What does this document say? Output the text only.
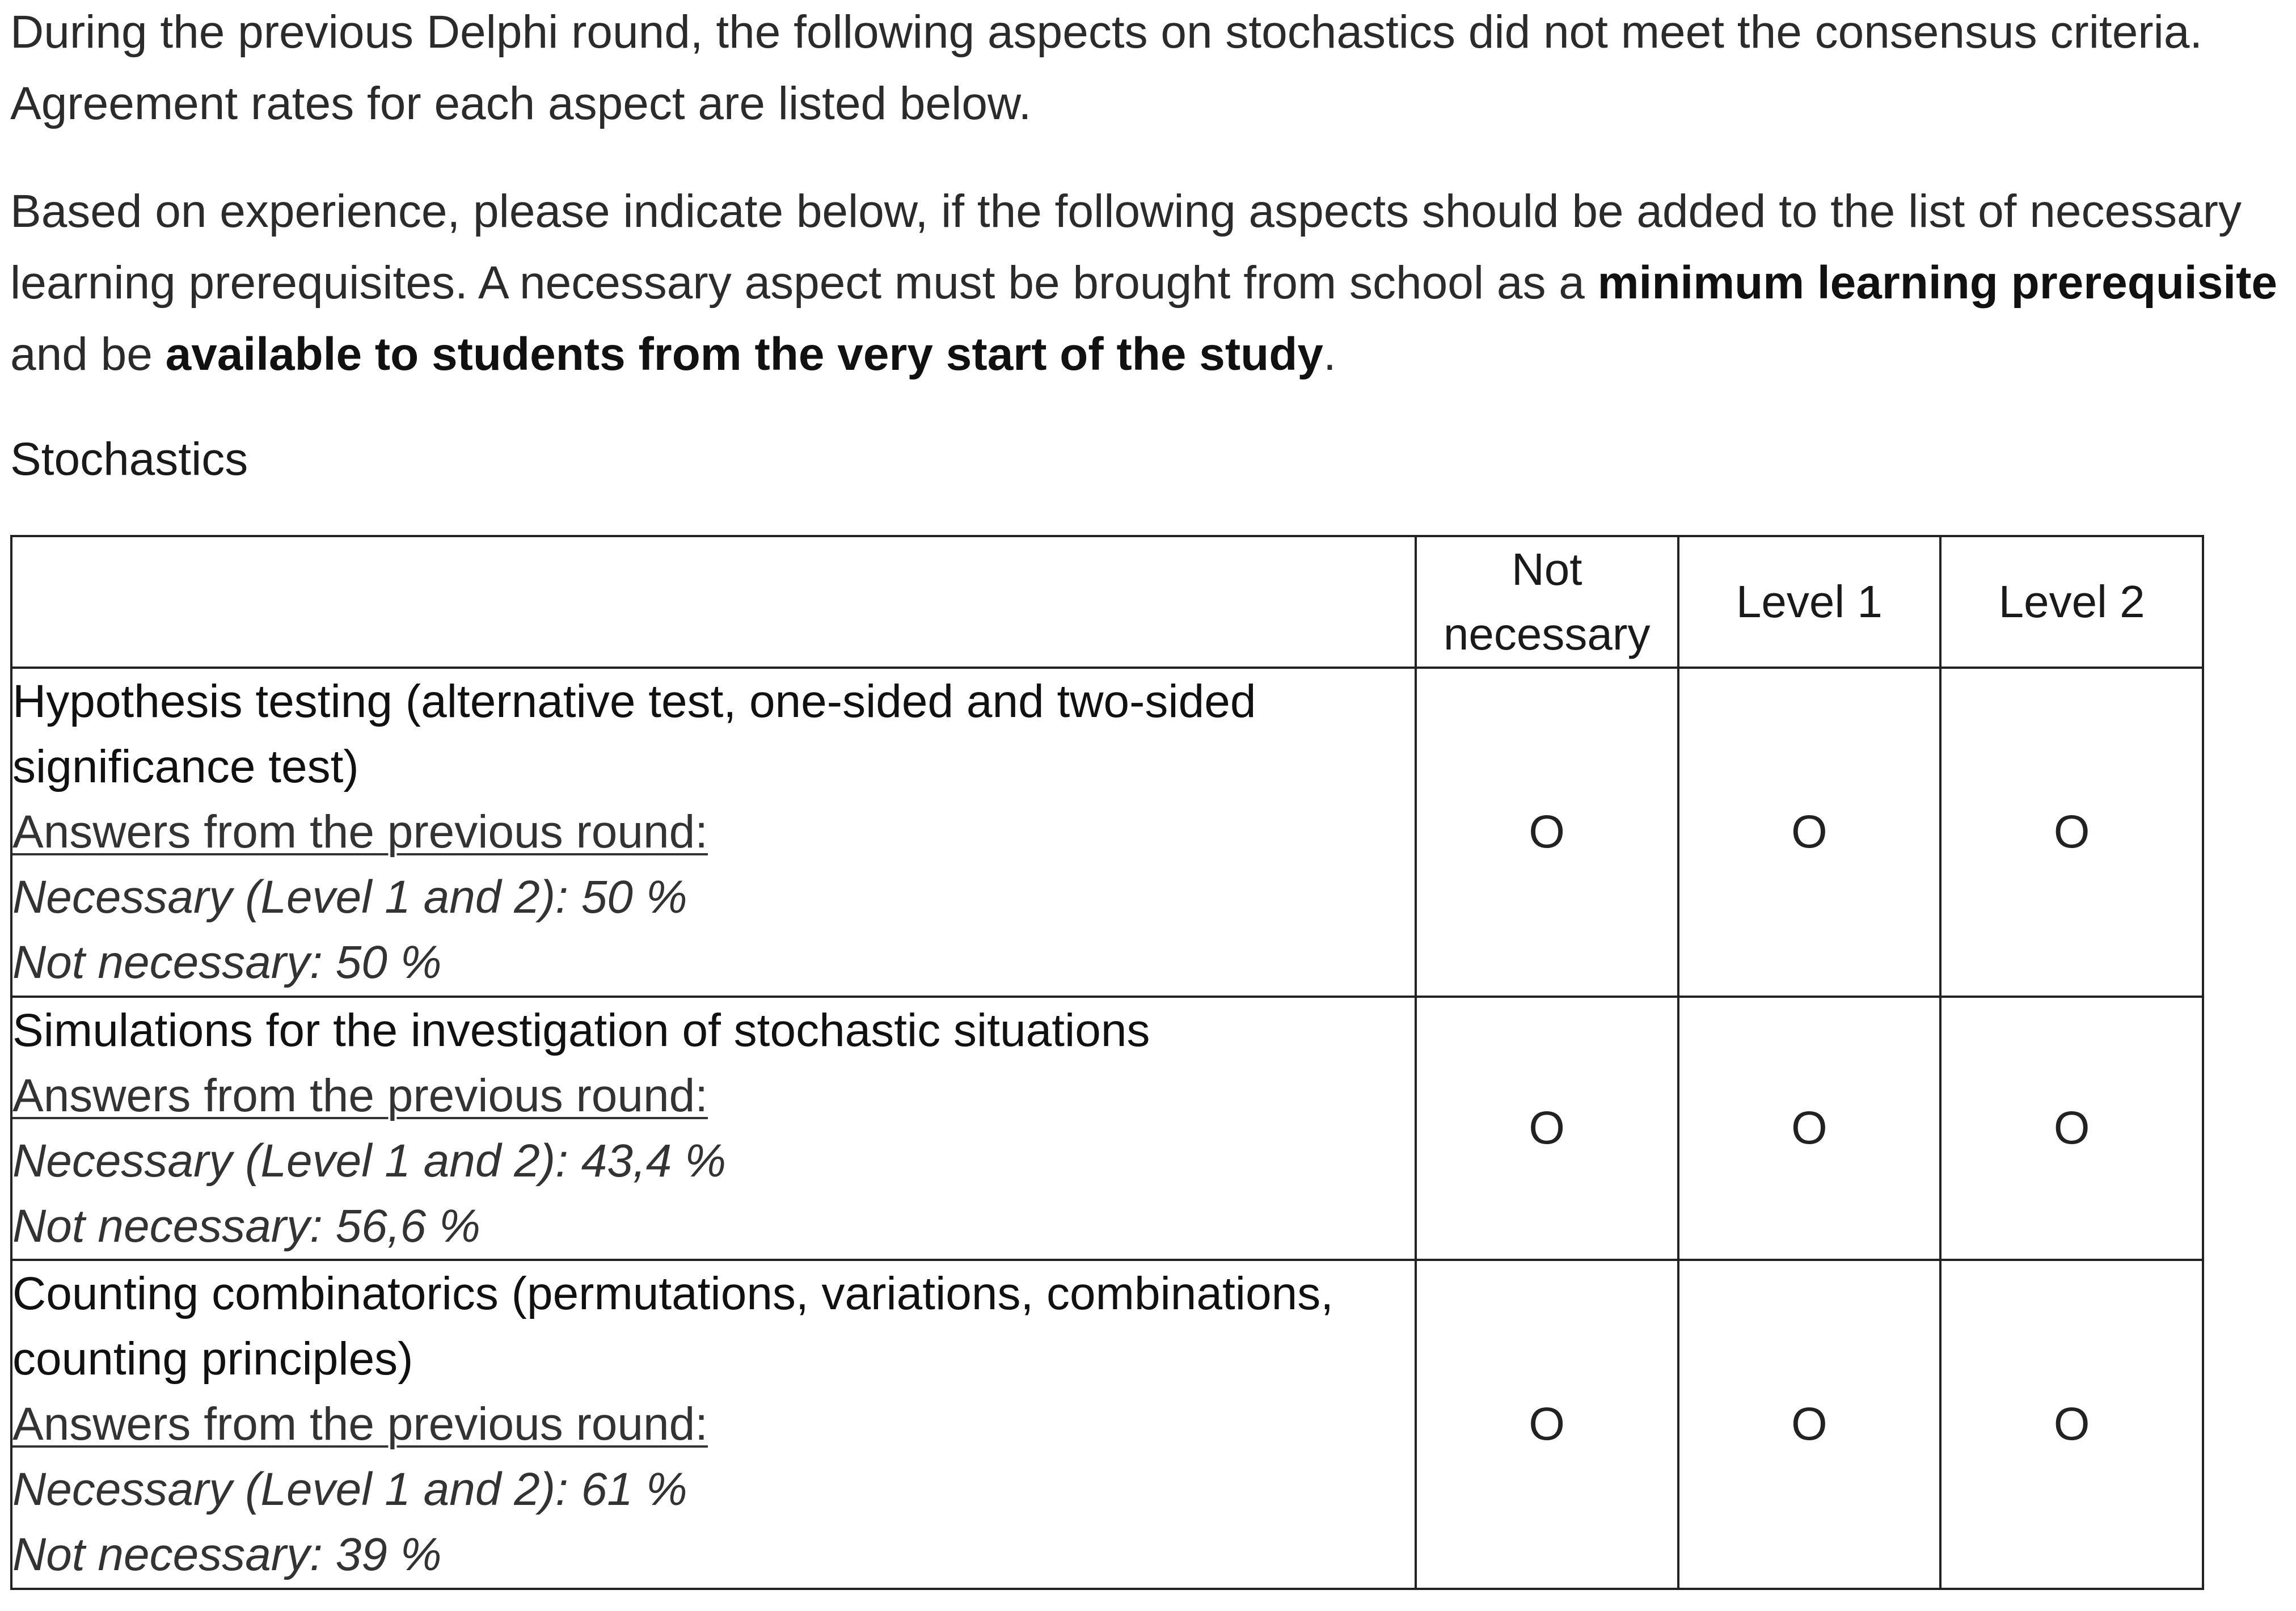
During the previous Delphi round, the following aspects on stochastics did not meet the consensus criteria. Agreement rates for each aspect are listed below.

Based on experience, please indicate below, if the following aspects should be added to the list of necessary learning prerequisites. A necessary aspect must be brought from school as a minimum learning prerequisite and be available to students from the very start of the study.

Stochastics
	Not necessary	Level 1	Level 2

Hypothesis testing (alternative test, one-sided and two-sided significance test)
Answers from the previous round:
Necessary (Level 1 and 2): 50 %
Not necessary: 50 %	O	O	O

Simulations for the investigation of stochastic situations
Answers from the previous round:
Necessary (Level 1 and 2): 43,4 %
Not necessary: 56,6 %	O	O	O

Counting combinatorics (permutations, variations, combinations, counting principles)
Answers from the previous round:
Necessary (Level 1 and 2): 61 %
Not necessary: 39 %	O	O	O
